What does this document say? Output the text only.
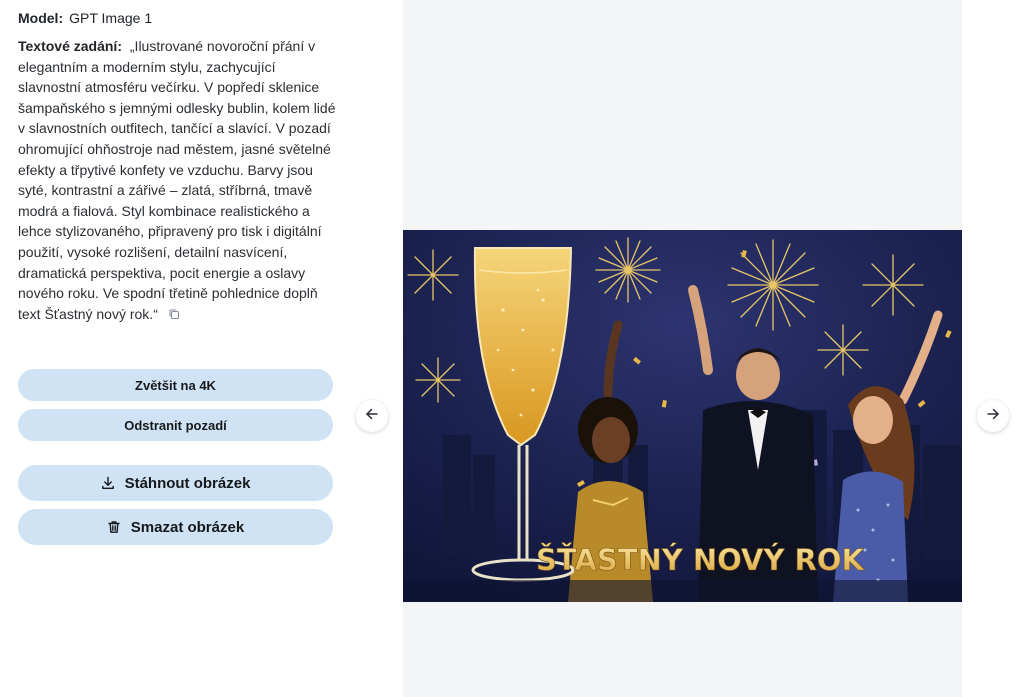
Model: GPT Image 1
Textové zadání: „Ilustrované novoroční přání v elegantním a moderním stylu, zachycující slavnostní atmosféru večírku. V popředí sklenice šampaňského s jemnými odlesky bublin, kolem lidé v slavnostních outfitech, tančící a slavící. V pozadí ohromující ohňostroje nad městem, jasné světelné efekty a třpytivé konfety ve vzduchu. Barvy jsou syté, kontrastní a zářivé – zlatá, stříbrná, tmavě modrá a fialová. Styl kombinace realistického a lehce stylizovaného, připravený pro tisk i digitální použití, vysoké rozlišení, detailní nasvícení, dramatická perspektiva, pocit energie a oslavy nového roku. Ve spodní třetině pohlednice doplň text Šťastný nový rok.“
Zvětšit na 4K
Odstranit pozadí
Stáhnout obrázek
Smazat obrázek
ŠŤASTNÝ NOVÝ ROK
